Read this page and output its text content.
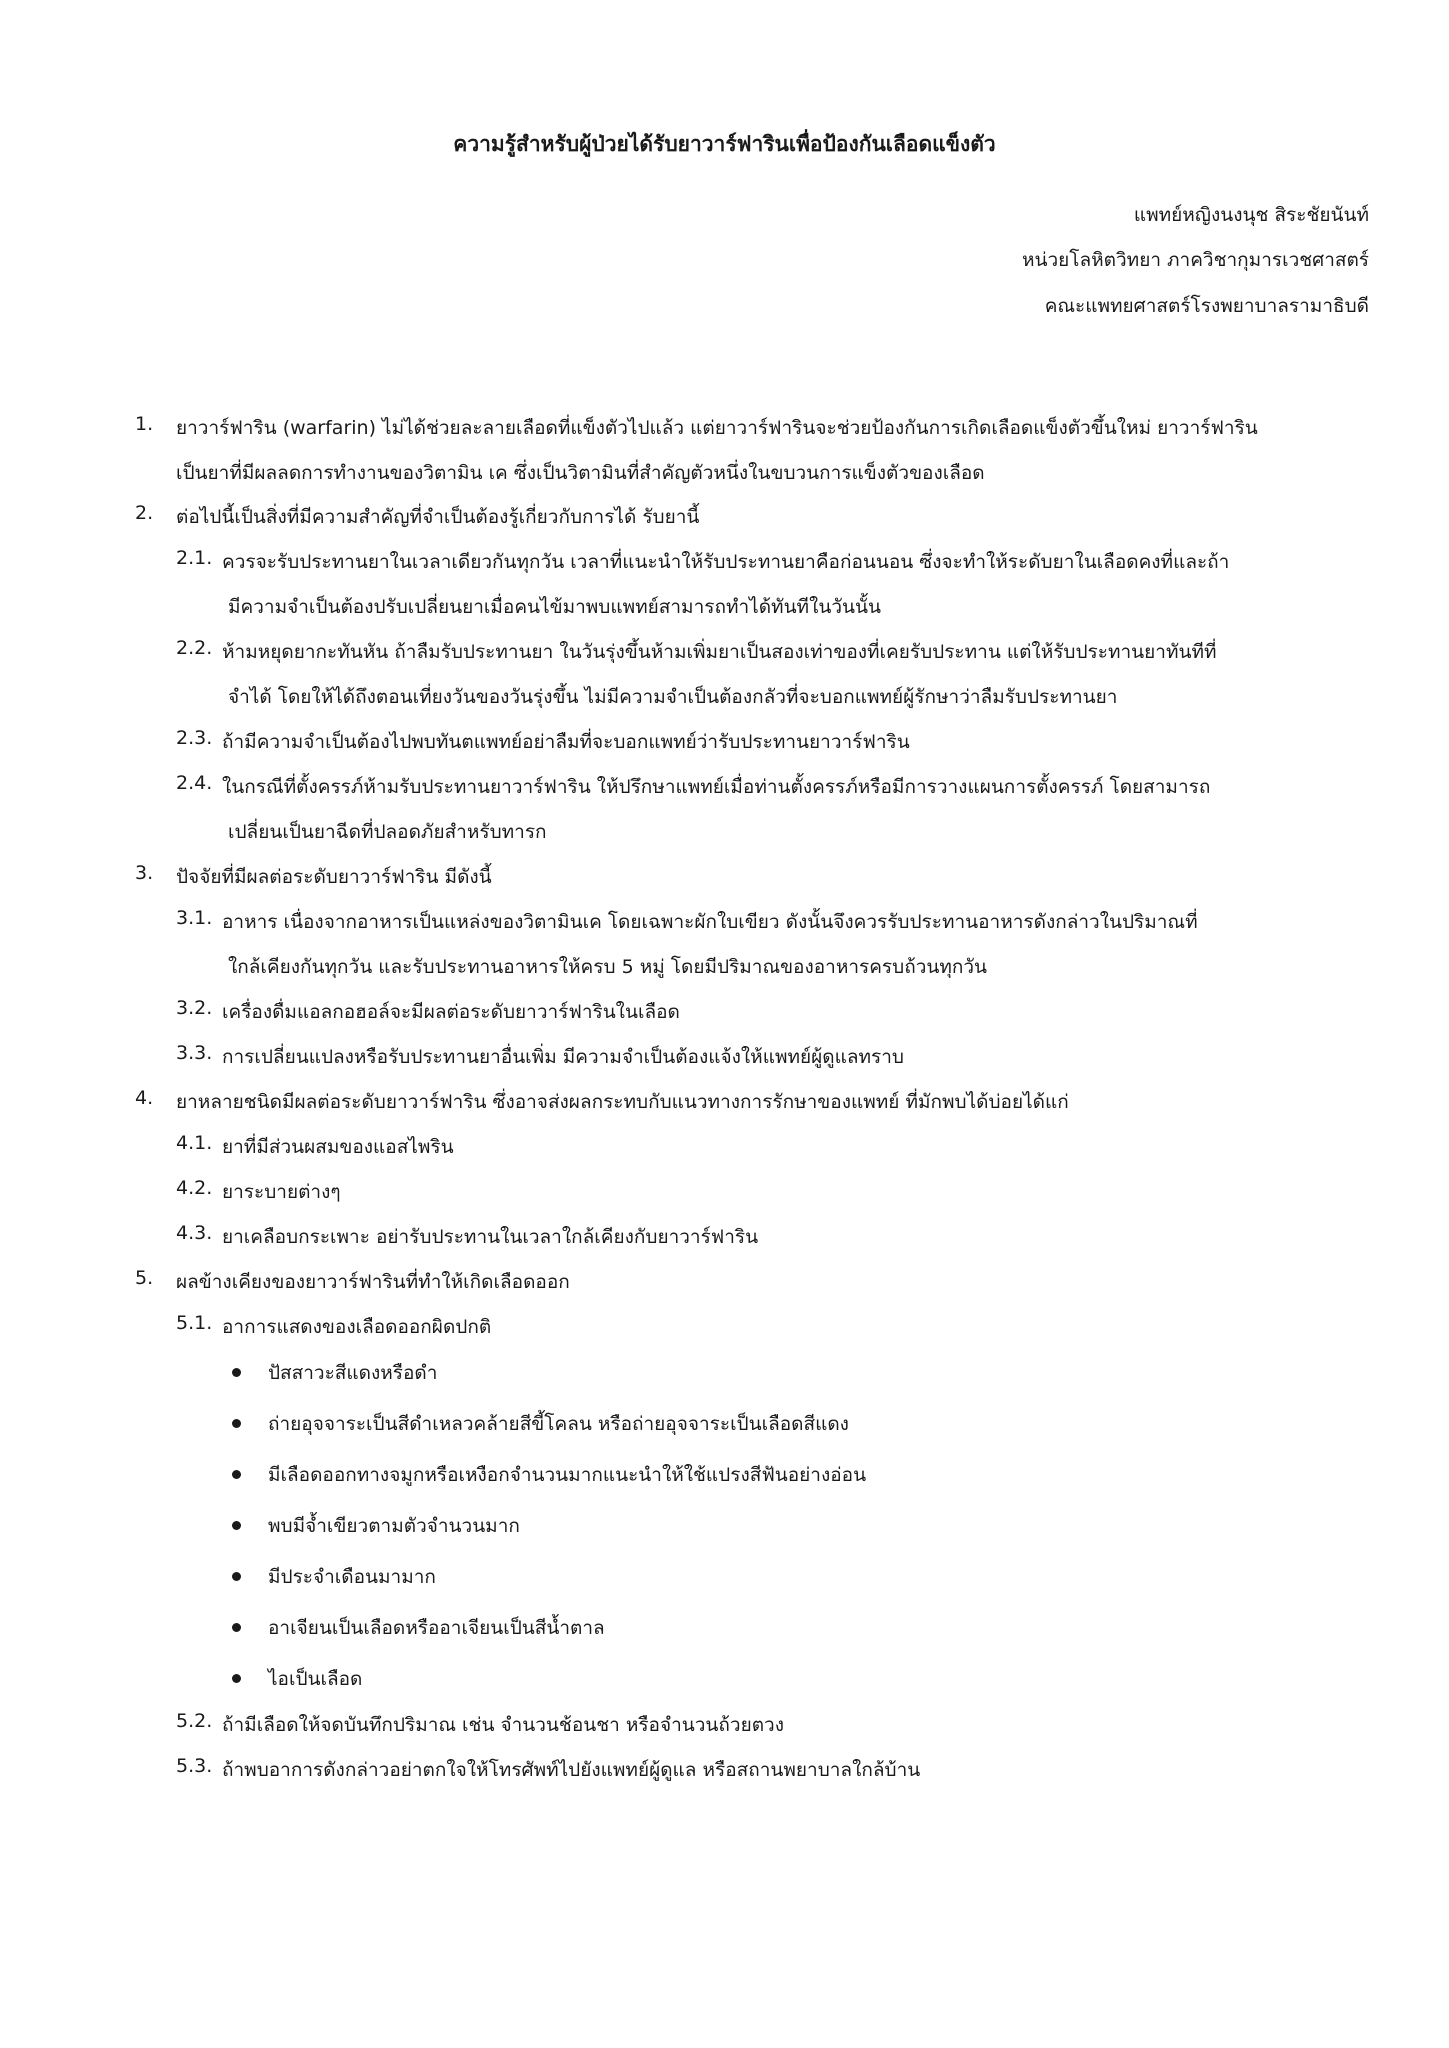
ความรู้สำหรับผู้ป่วยได้รับยาวาร์ฟารินเพื่อป้องกันเลือดแข็งตัว
แพทย์หญิงนงนุช สิระชัยนันท์
หน่วยโลหิตวิทยา ภาควิชากุมารเวชศาสตร์
คณะแพทยศาสตร์โรงพยาบาลรามาธิบดี
1. ยาวาร์ฟาริน (warfarin) ไม่ได้ช่วยละลายเลือดที่แข็งตัวไปแล้ว แต่ยาวาร์ฟารินจะช่วยป้องกันการเกิดเลือดแข็งตัวขึ้นใหม่ ยาวาร์ฟาริน
เป็นยาที่มีผลลดการทำงานของวิตามิน เค ซึ่งเป็นวิตามินที่สำคัญตัวหนึ่งในขบวนการแข็งตัวของเลือด
2. ต่อไปนี้เป็นสิ่งที่มีความสำคัญที่จำเป็นต้องรู้เกี่ยวกับการได้ รับยานี้
2.1. ควรจะรับประทานยาในเวลาเดียวกันทุกวัน เวลาที่แนะนำให้รับประทานยาคือก่อนนอน ซึ่งจะทำให้ระดับยาในเลือดคงที่และถ้า
มีความจำเป็นต้องปรับเปลี่ยนยาเมื่อคนไข้มาพบแพทย์สามารถทำได้ทันทีในวันนั้น
2.2. ห้ามหยุดยากะทันหัน ถ้าลืมรับประทานยา ในวันรุ่งขึ้นห้ามเพิ่มยาเป็นสองเท่าของที่เคยรับประทาน แต่ให้รับประทานยาทันทีที่
จำได้ โดยให้ได้ถึงตอนเที่ยงวันของวันรุ่งขึ้น ไม่มีความจำเป็นต้องกลัวที่จะบอกแพทย์ผู้รักษาว่าลืมรับประทานยา
2.3. ถ้ามีความจำเป็นต้องไปพบทันตแพทย์อย่าลืมที่จะบอกแพทย์ว่ารับประทานยาวาร์ฟาริน
2.4. ในกรณีที่ตั้งครรภ์ห้ามรับประทานยาวาร์ฟาริน ให้ปรึกษาแพทย์เมื่อท่านตั้งครรภ์หรือมีการวางแผนการตั้งครรภ์ โดยสามารถ
เปลี่ยนเป็นยาฉีดที่ปลอดภัยสำหรับทารก
3. ปัจจัยที่มีผลต่อระดับยาวาร์ฟาริน มีดังนี้
3.1. อาหาร เนื่องจากอาหารเป็นแหล่งของวิตามินเค โดยเฉพาะผักใบเขียว ดังนั้นจึงควรรับประทานอาหารดังกล่าวในปริมาณที่
ใกล้เคียงกันทุกวัน และรับประทานอาหารให้ครบ 5 หมู่ โดยมีปริมาณของอาหารครบถ้วนทุกวัน
3.2. เครื่องดื่มแอลกอฮอล์จะมีผลต่อระดับยาวาร์ฟารินในเลือด
3.3. การเปลี่ยนแปลงหรือรับประทานยาอื่นเพิ่ม มีความจำเป็นต้องแจ้งให้แพทย์ผู้ดูแลทราบ
4. ยาหลายชนิดมีผลต่อระดับยาวาร์ฟาริน ซึ่งอาจส่งผลกระทบกับแนวทางการรักษาของแพทย์ ที่มักพบได้บ่อยได้แก่
4.1. ยาที่มีส่วนผสมของแอสไพริน
4.2. ยาระบายต่างๆ
4.3. ยาเคลือบกระเพาะ อย่ารับประทานในเวลาใกล้เคียงกับยาวาร์ฟาริน
5. ผลข้างเคียงของยาวาร์ฟารินที่ทำให้เกิดเลือดออก
5.1. อาการแสดงของเลือดออกผิดปกติ
ปัสสาวะสีแดงหรือดำ
ถ่ายอุจจาระเป็นสีดำเหลวคล้ายสีขี้โคลน หรือถ่ายอุจจาระเป็นเลือดสีแดง
มีเลือดออกทางจมูกหรือเหงือกจำนวนมากแนะนำให้ใช้แปรงสีฟันอย่างอ่อน
พบมีจ้ำเขียวตามตัวจำนวนมาก
มีประจำเดือนมามาก
อาเจียนเป็นเลือดหรืออาเจียนเป็นสีน้ำตาล
ไอเป็นเลือด
5.2. ถ้ามีเลือดให้จดบันทึกปริมาณ เช่น จำนวนช้อนชา หรือจำนวนถ้วยตวง
5.3. ถ้าพบอาการดังกล่าวอย่าตกใจให้โทรศัพท์ไปยังแพทย์ผู้ดูแล หรือสถานพยาบาลใกล้บ้าน
